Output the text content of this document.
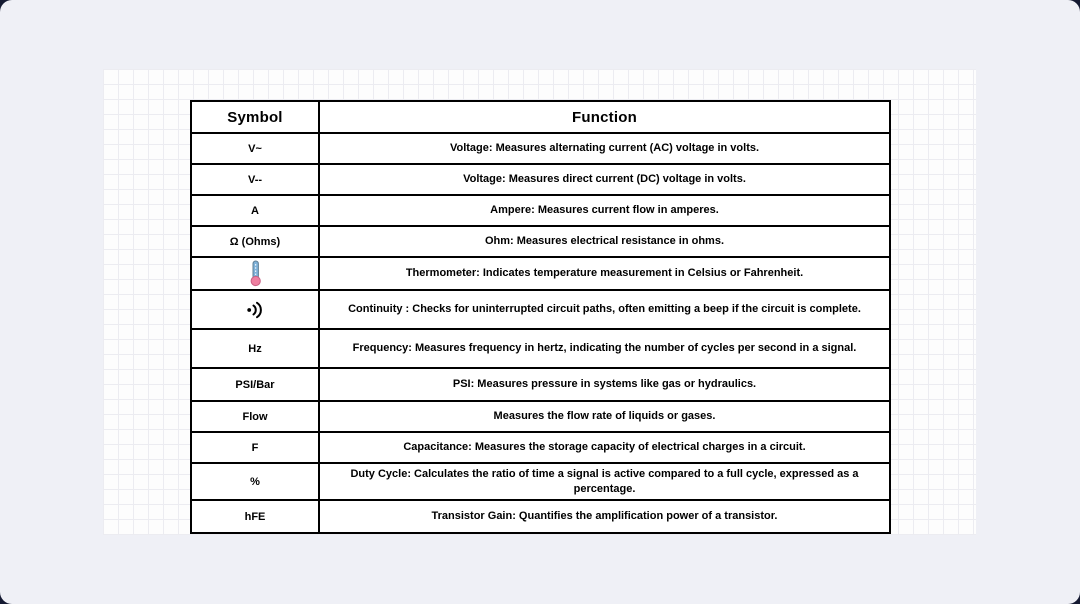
Symbol	Function
V~	Voltage: Measures alternating current (AC) voltage in volts.
V--	Voltage: Measures direct current (DC) voltage in volts.
A	Ampere: Measures current flow in amperes.
Ω (Ohms)	Ohm: Measures electrical resistance in ohms.
	Thermometer: Indicates temperature measurement in Celsius or Fahrenheit.
	Continuity : Checks for uninterrupted circuit paths, often emitting a beep if the circuit is complete.
Hz	Frequency: Measures frequency in hertz, indicating the number of cycles per second in a signal.
PSI/Bar	PSI: Measures pressure in systems like gas or hydraulics.
Flow	Measures the flow rate of liquids or gases.
F	Capacitance: Measures the storage capacity of electrical charges in a circuit.
%	Duty Cycle: Calculates the ratio of time a signal is active compared to a full cycle, expressed as a percentage.
hFE	Transistor Gain: Quantifies the amplification power of a transistor.
